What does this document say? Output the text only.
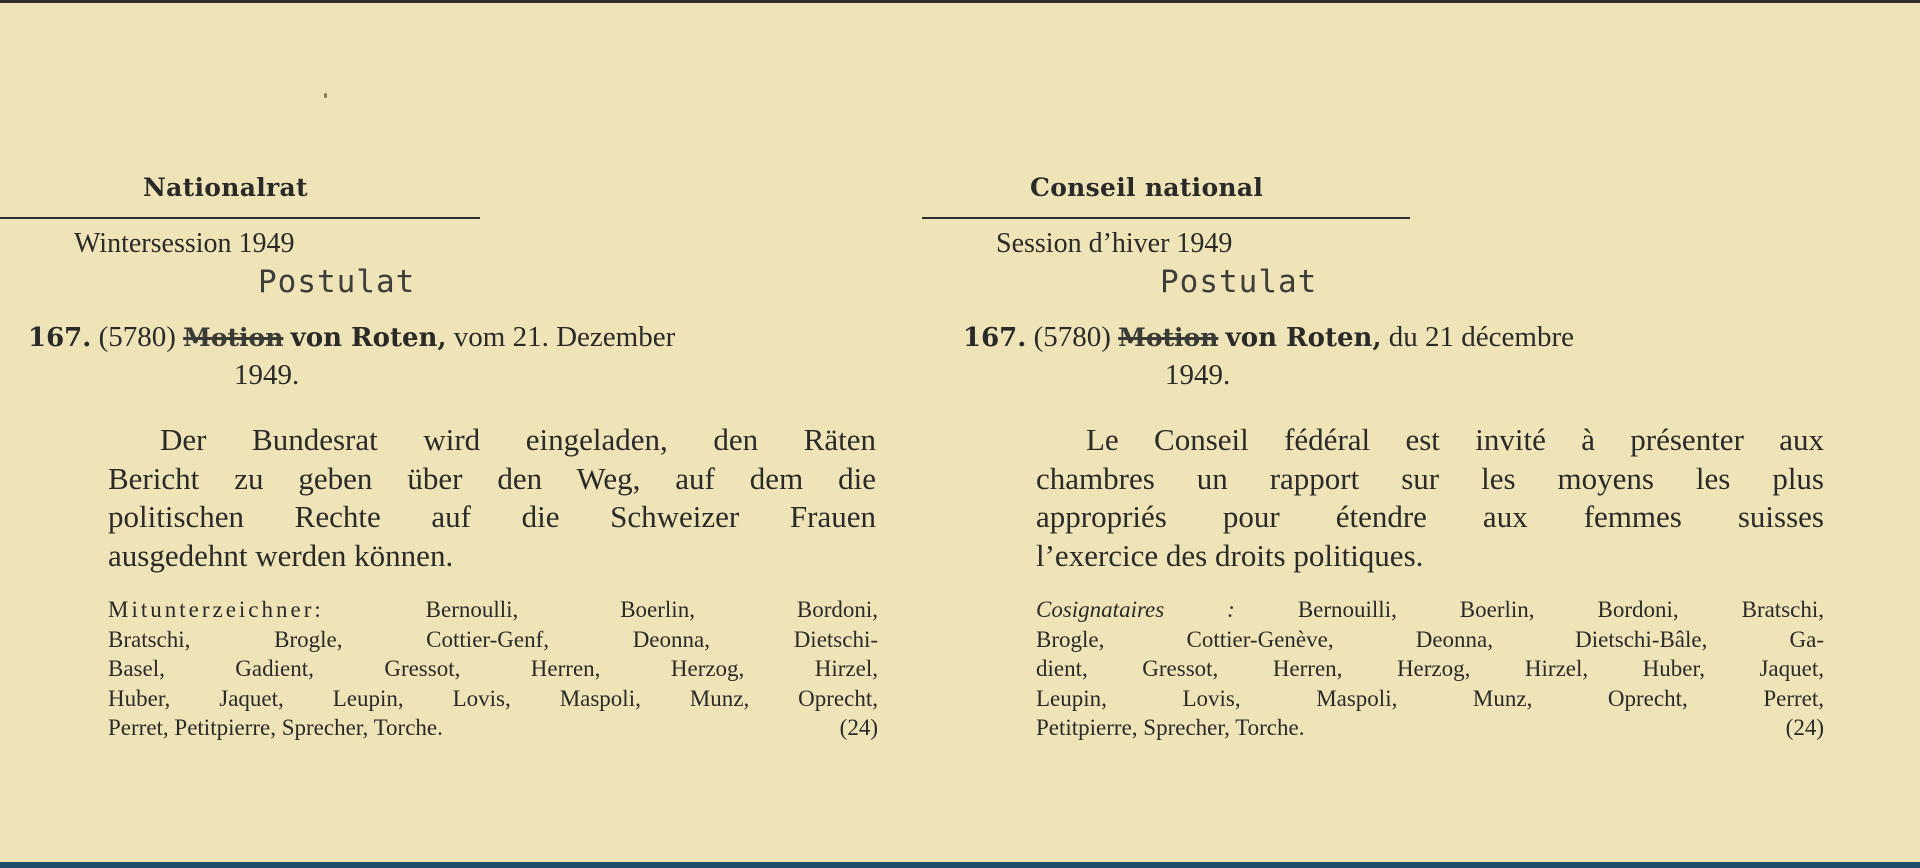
Nationalrat
Wintersession 1949
Postulat
167. (5780) Motion von Roten, vom 21. Dezember
1949.
Der Bundesrat wird eingeladen, den Räten
Bericht zu geben über den Weg, auf dem die
politischen Rechte auf die Schweizer Frauen
ausgedehnt werden können.
Mitunterzeichner:	Bernoulli, Boerlin, Bordoni,
Bratschi, Brogle, Cottier-Genf, Deonna, Dietschi-
Basel, Gadient, Gressot, Herren, Herzog, Hirzel,
Huber, Jaquet, Leupin, Lovis, Maspoli, Munz, Oprecht,
Perret, Petitpierre, Sprecher, Torche.	(24)
Conseil national
Session d’hiver 1949
Postulat
167. (5780) Motion von Roten, du 21 décembre
1949.
Le Conseil fédéral est invité à présenter aux
chambres un rapport sur les moyens les plus
appropriés pour étendre aux femmes suisses
l’exercice des droits politiques.
Cosignataires :	Bernouilli, Boerlin, Bordoni, Bratschi,
Brogle, Cottier-Genève, Deonna, Dietschi-Bâle, Ga-
dient, Gressot, Herren, Herzog, Hirzel, Huber, Jaquet,
Leupin, Lovis, Maspoli, Munz, Oprecht, Perret,
Petitpierre, Sprecher, Torche.	(24)
